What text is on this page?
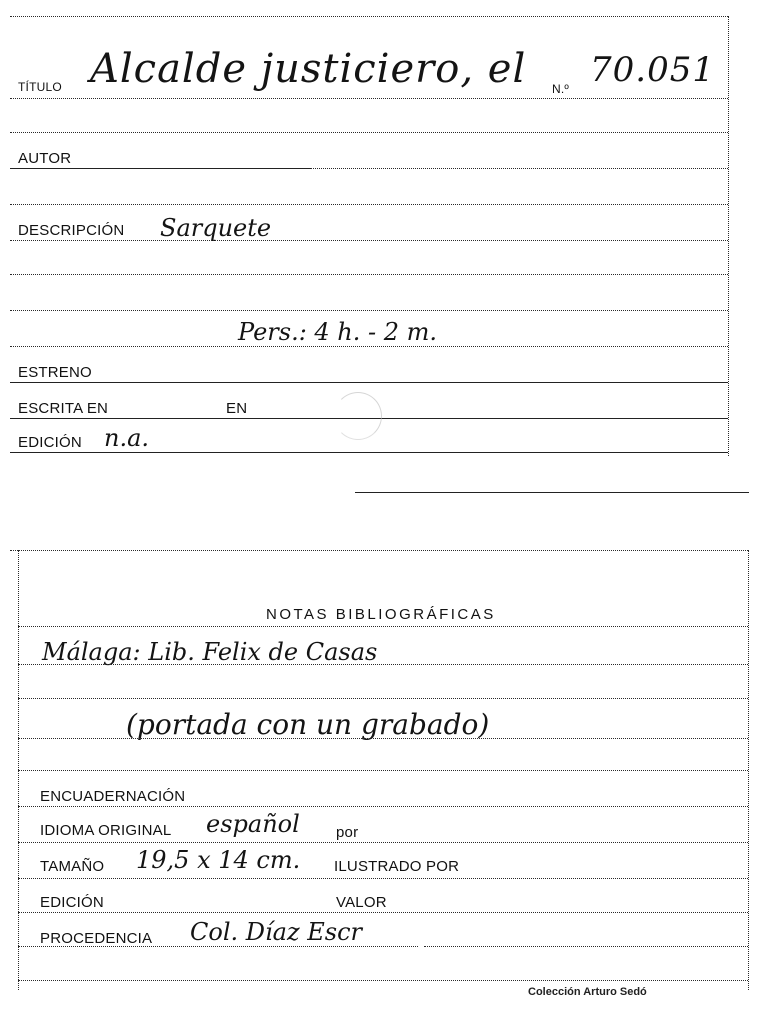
TÍTULO Alcalde justiciero, el N.º 70.051
AUTOR
DESCRIPCIÓN Sarquete
Pers.: 4 h. - 2 m.
ESTRENO
ESCRITA EN	EN
EDICIÓN n.a.
NOTAS BIBLIOGRÁFICAS
Málaga: Lib. Felix de Casas
(portada con un grabado)
ENCUADERNACIÓN
IDIOMA ORIGINAL español por
TAMAÑO 19,5 x 14 cm. ILUSTRADO POR
EDICIÓN	VALOR
PROCEDENCIA Col. Díaz Escr
Colección Arturo Sedó
